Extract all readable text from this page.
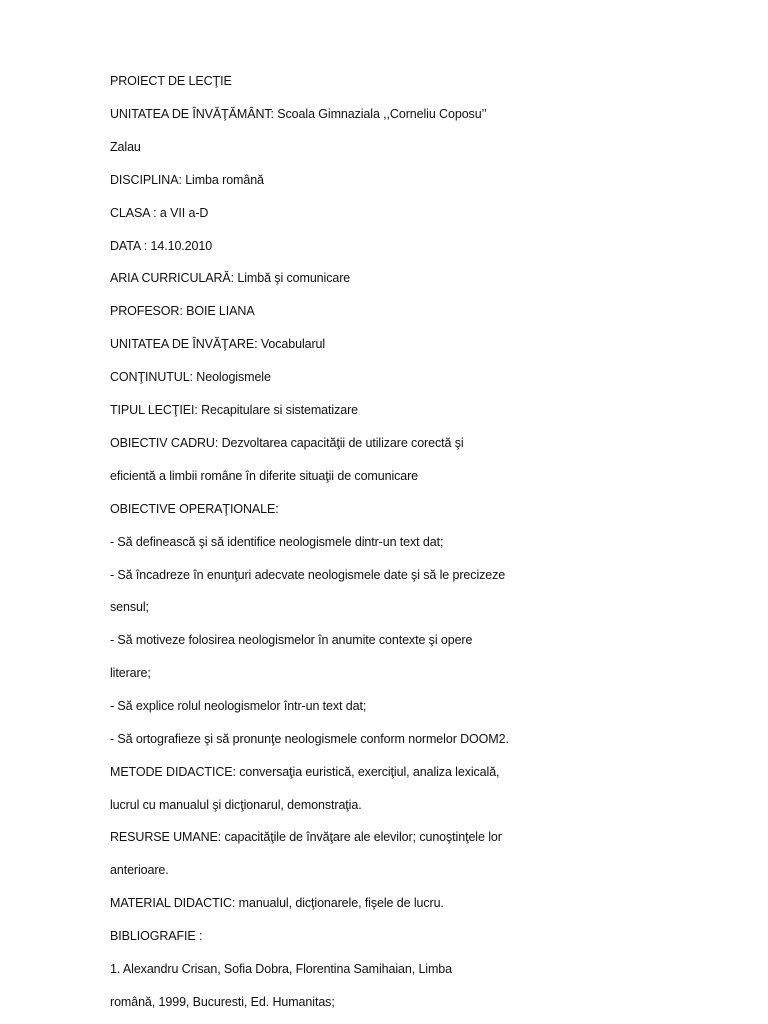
PROIECT DE LECŢIE
UNITATEA DE ÎNVĂŢĂMÂNT: Scoala Gimnaziala ,,Corneliu Coposu’’
Zalau
DISCIPLINA: Limba română
CLASA : a VII a-D
DATA : 14.10.2010
ARIA CURRICULARĂ: Limbă şi comunicare
PROFESOR: BOIE LIANA
UNITATEA DE ÎNVĂŢARE: Vocabularul
CONŢINUTUL: Neologismele
TIPUL LECŢIEI: Recapitulare si sistematizare
OBIECTIV CADRU: Dezvoltarea capacităţii de utilizare corectă şi
eficientă a limbii române în diferite situaţii de comunicare
OBIECTIVE OPERAŢIONALE:
- Să definească şi să identifice neologismele dintr-un text dat;
- Să încadreze în enunţuri adecvate neologismele date şi să le precizeze
sensul;
- Să motiveze folosirea neologismelor în anumite contexte şi opere
literare;
- Să explice rolul neologismelor într-un text dat;
- Să ortografieze şi să pronunţe neologismele conform normelor DOOM2.
METODE DIDACTICE: conversaţia euristică, exerciţiul, analiza lexicală,
lucrul cu manualul şi dicţionarul, demonstraţia.
RESURSE UMANE: capacităţile de învăţare ale elevilor; cunoştinţele lor
anterioare.
MATERIAL DIDACTIC: manualul, dicţionarele, fişele de lucru.
BIBLIOGRAFIE :
1. Alexandru Crisan, Sofia Dobra, Florentina Samihaian, Limba
română, 1999, Bucuresti, Ed. Humanitas;
